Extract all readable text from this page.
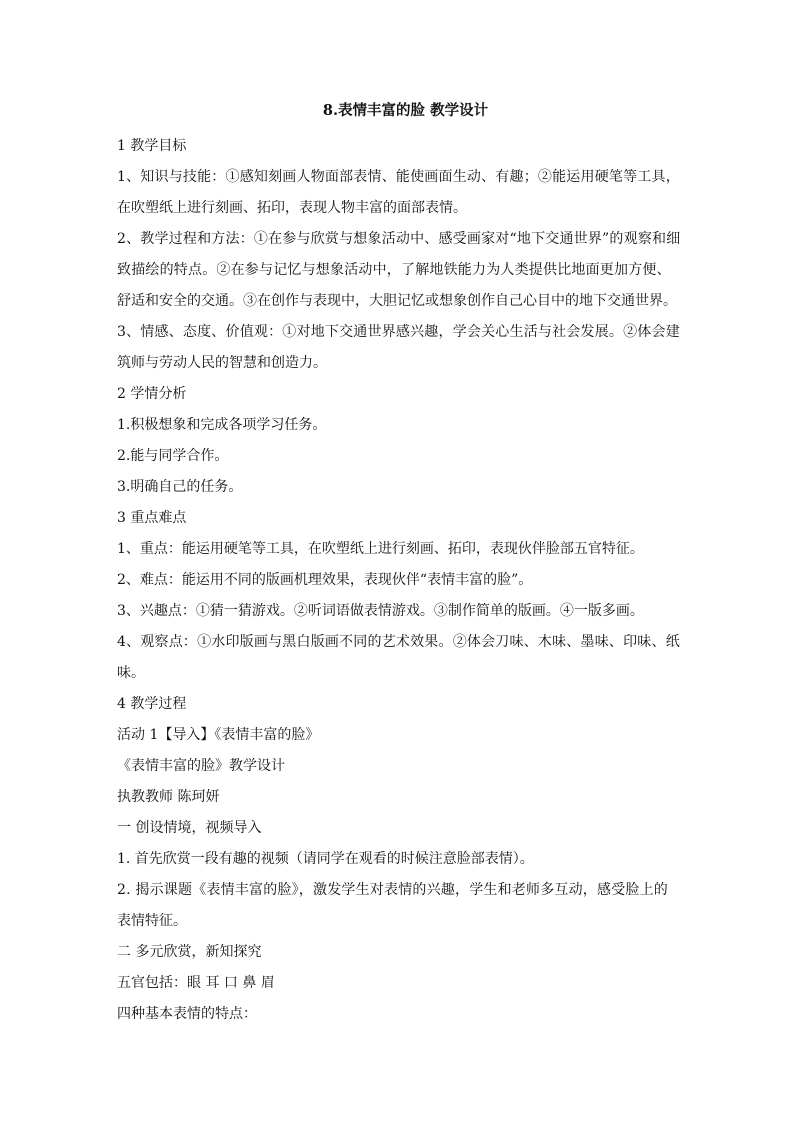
8.表情丰富的脸 教学设计

1 教学目标

1、知识与技能：①感知刻画人物面部表情、能使画面生动、有趣；②能运用硬笔等工具，

在吹塑纸上进行刻画、拓印，表现人物丰富的面部表情。

2、教学过程和方法：①在参与欣赏与想象活动中、感受画家对“地下交通世界”的观察和细

致描绘的特点。②在参与记忆与想象活动中，了解地铁能力为人类提供比地面更加方便、

舒适和安全的交通。③在创作与表现中，大胆记忆或想象创作自己心目中的地下交通世界。

3、情感、态度、价值观：①对地下交通世界感兴趣，学会关心生活与社会发展。②体会建

筑师与劳动人民的智慧和创造力。

2 学情分析

1.积极想象和完成各项学习任务。

2.能与同学合作。

3.明确自己的任务。

3 重点难点

1、重点：能运用硬笔等工具，在吹塑纸上进行刻画、拓印，表现伙伴脸部五官特征。

2、难点：能运用不同的版画机理效果，表现伙伴“表情丰富的脸”。

3、兴趣点：①猜一猜游戏。②听词语做表情游戏。③制作简单的版画。④一版多画。

4、观察点：①水印版画与黑白版画不同的艺术效果。②体会刀味、木味、墨味、印味、纸

味。

4 教学过程

活动 1【导入】《表情丰富的脸》

《表情丰富的脸》教学设计

执教教师 陈珂妍

一 创设情境，视频导入

1. 首先欣赏一段有趣的视频（请同学在观看的时候注意脸部表情）。

2. 揭示课题《表情丰富的脸》，激发学生对表情的兴趣，学生和老师多互动，感受脸上的

表情特征。

二 多元欣赏，新知探究

五官包括：眼 耳 口 鼻 眉

四种基本表情的特点：
